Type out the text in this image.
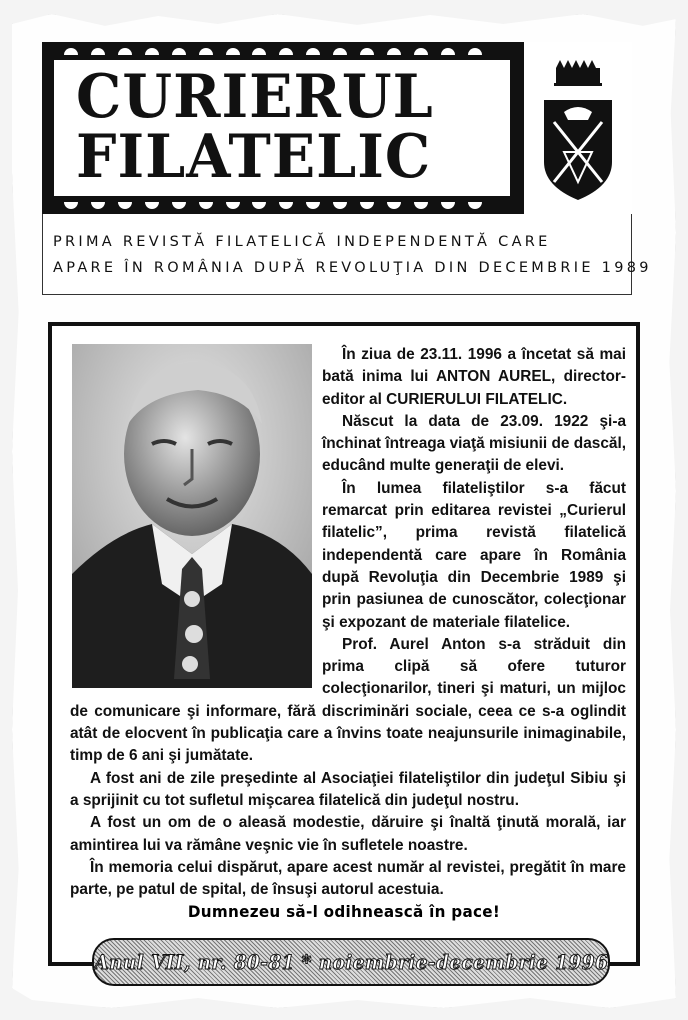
CURIERUL
FILATELIC
PRIMA REVISTĂ FILATELICĂ INDEPENDENTĂ CARE
APARE ÎN ROMÂNIA DUPĂ REVOLUŢIA DIN DECEMBRIE 1989

În ziua de 23.11. 1996 a încetat să mai bată inima lui ANTON AUREL, director-editor al CURIERULUI FILATELIC.

Născut la data de 23.09. 1922 şi-a închinat întreaga viaţă misiunii de dascăl, educând multe generaţii de elevi.

În lumea filateliştilor s-a făcut remarcat prin editarea revistei „Curierul filatelic”, prima revistă filatelică independentă care apare în România după Revoluţia din Decembrie 1989 şi prin pasiunea de cunoscător, colecţionar şi expozant de materiale filatelice.

Prof. Aurel Anton s-a străduit din prima clipă să ofere tuturor colecţionarilor, tineri şi maturi, un mijloc de comunicare şi informare, fără discriminări sociale, ceea ce s-a oglindit atât de elocvent în publicaţia care a învins toate neajunsurile inimaginabile, timp de 6 ani şi jumătate.

A fost ani de zile preşedinte al Asociaţiei filateliştilor din judeţul Sibiu şi a sprijinit cu tot sufletul mişcarea filatelică din judeţul nostru.

A fost un om de o aleasă modestie, dăruire şi înaltă ţinută morală, iar amintirea lui va rămâne veşnic vie în sufletele noastre.

În memoria celui dispărut, apare acest număr al revistei, pregătit în mare parte, pe patul de spital, de însuşi autorul acestuia.

Dumnezeu să-l odihnească în pace!
Anul VII, nr. 80-81 * noiembrie-decembrie 1996
